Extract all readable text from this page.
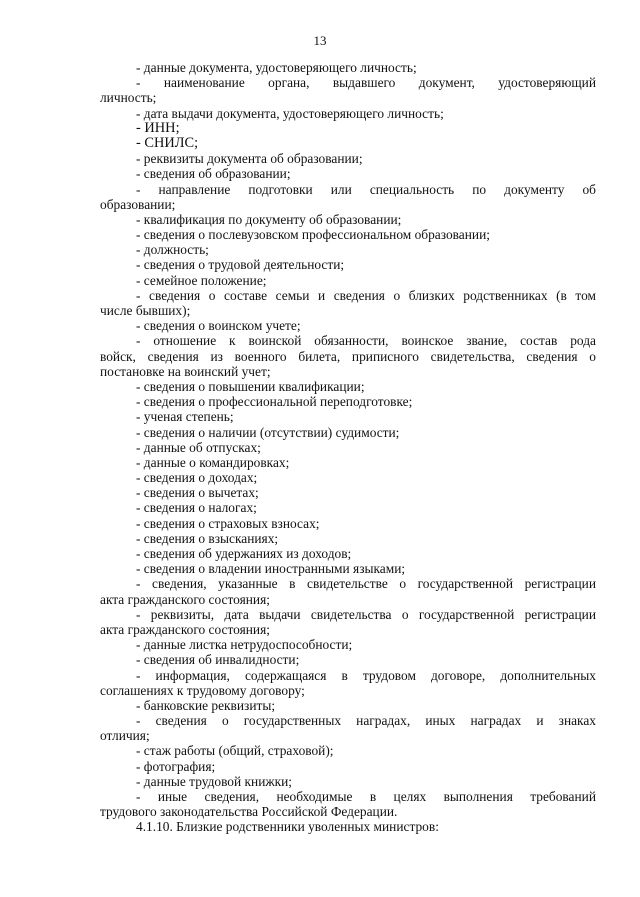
13
- данные документа, удостоверяющего личность;
- наименование органа, выдавшего документ, удостоверяющий
личность;
- дата выдачи документа, удостоверяющего личность;
- ИНН;
- СНИЛС;
- реквизиты документа об образовании;
- сведения об образовании;
- направление подготовки или специальность по документу об
образовании;
- квалификация по документу об образовании;
- сведения о послевузовском профессиональном образовании;
- должность;
- сведения о трудовой деятельности;
- семейное положение;
- сведения о составе семьи и сведения о близких родственниках (в том
числе бывших);
- сведения о воинском учете;
- отношение к воинской обязанности, воинское звание, состав рода
войск, сведения из военного билета, приписного свидетельства, сведения о
постановке на воинский учет;
- сведения о повышении квалификации;
- сведения о профессиональной переподготовке;
- ученая степень;
- сведения о наличии (отсутствии) судимости;
- данные об отпусках;
- данные о командировках;
- сведения о доходах;
- сведения о вычетах;
- сведения о налогах;
- сведения о страховых взносах;
- сведения о взысканиях;
- сведения об удержаниях из доходов;
- сведения о владении иностранными языками;
- сведения, указанные в свидетельстве о государственной регистрации
акта гражданского состояния;
- реквизиты, дата выдачи свидетельства о государственной регистрации
акта гражданского состояния;
- данные листка нетрудоспособности;
- сведения об инвалидности;
- информация, содержащаяся в трудовом договоре, дополнительных
соглашениях к трудовому договору;
- банковские реквизиты;
- сведения о государственных наградах, иных наградах и знаках
отличия;
- стаж работы (общий, страховой);
- фотография;
- данные трудовой книжки;
- иные сведения, необходимые в целях выполнения требований
трудового законодательства Российской Федерации.
4.1.10. Близкие родственники уволенных министров:
